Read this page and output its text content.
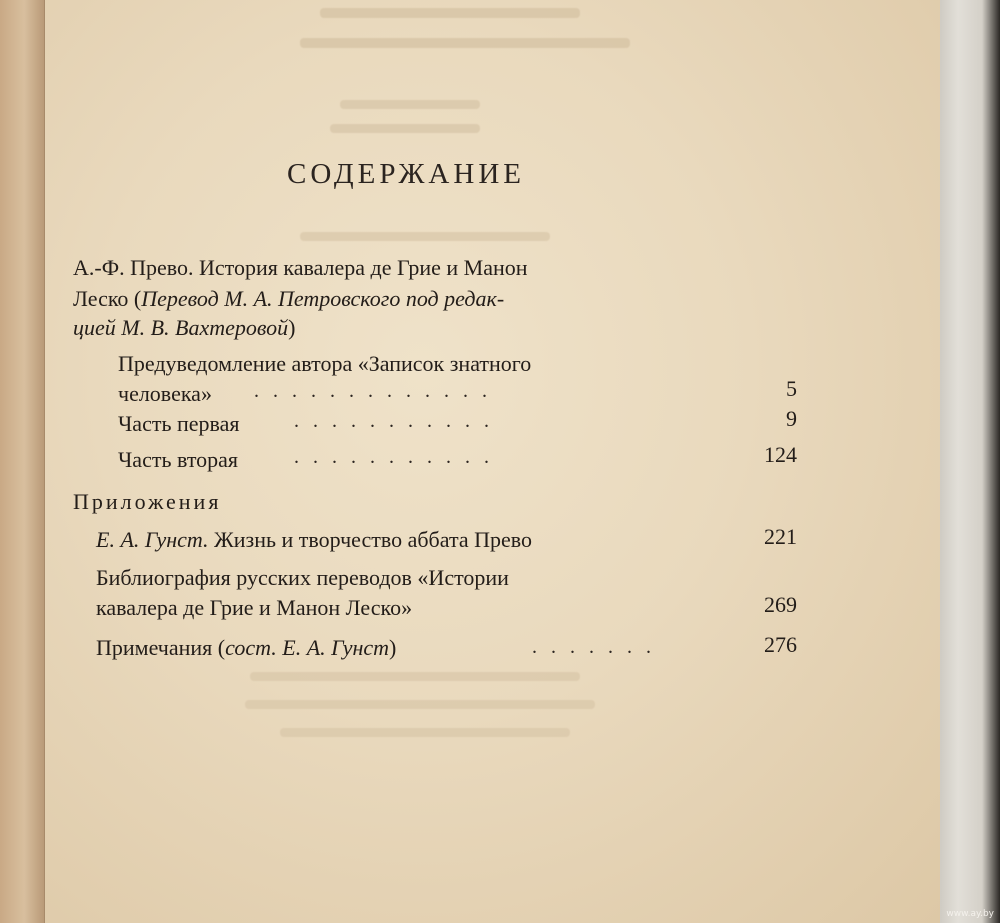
СОДЕРЖАНИЕ
А.-Ф. Прево. История кавалера де Грие и Манон
Леско (Перевод М. А. Петровского под редак-
цией М. В. Вахтеровой)
Предуведомление автора «Записок знатного
человека» .............	5
Часть первая	...........	9
Часть вторая	...........	124
Приложения
Е. А. Гунст. Жизнь и творчество аббата Прево	221
Библиография русских переводов «Истории
кавалера де Грие и Манон Леско»	269
Примечания (сост. Е. А. Гунст)	.......	276
www.ay.by
